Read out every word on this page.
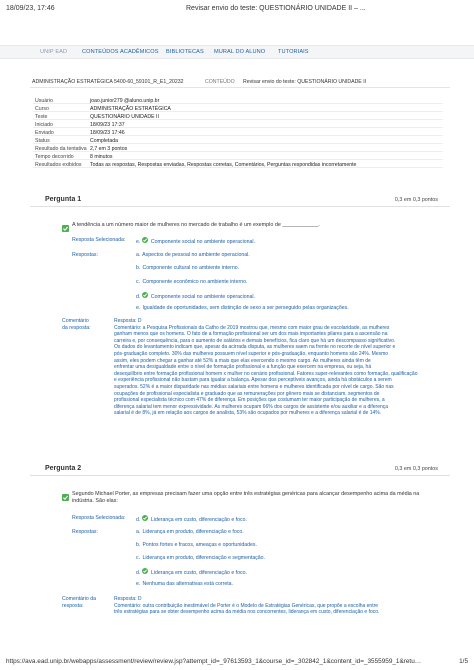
18/09/23, 17:46	Revisar envio do teste: QUESTIONÁRIO UNIDADE II – ...
UNIP EAD	CONTEÚDOS ACADÊMICOS BIBLIOTECAS MURAL DO ALUNO TUTORIAIS
ADMINISTRAÇÃO ESTRATÉGICA 5400-60_59101_R_E1_20232	CONTEÚDO Revisar envio do teste: QUESTIONÁRIO UNIDADE II
Usuário	joao.junior279 @aluno.unip.br
Curso	ADMINISTRAÇÃO ESTRATÉGICA
Teste	QUESTIONÁRIO UNIDADE II
Iniciado	18/09/23 17:37
Enviado	18/09/23 17:46
Status	Completada
Resultado da tentativa 2,7 em 3 pontos
Tempo decorrido	8 minutos
Resultados exibidos Todas as respostas, Respostas enviadas, Respostas corretas, Comentários, Perguntas respondidas incorretamente
Pergunta 1	0,3 em 0,3 pontos
A tendência a um número maior de mulheres no mercado de trabalho é um exemplo de ____________.
Resposta Selecionada: e. Componente social no ambiente operacional.
Respostas:	a. Aspectos de pessoal no ambiente operacional.
b. Componente cultural no ambiente interno.
c. Componente econômico no ambiente interno.
d. Componente social no ambiente operacional.
e. Igualdade de oportunidades, sem distinção de sexo a ser perseguido pelas organizações.
Comentário
da resposta:
Resposta: D
Comentário: a Pesquisa Profissionais da Catho de 2019 mostrou que, mesmo com maior grau de escolaridade, as mulheres
ganham menos que os homens. O fato de a formação profissional ser um dos mais importantes pilares para a ascensão na
carreira e, por consequência, para o aumento de salários e demais benefícios, fica claro que há um descompasso significativo.
Os dados do levantamento indicam que, apesar da acirrada disputa, as mulheres saem na frente no recorte de nível superior e
pós-graduação completo. 30% das mulheres possuem nível superior e pós-graduação, enquanto homens são 24%. Mesmo
assim, eles podem chegar a ganhar até 52% a mais que elas exercendo o mesmo cargo. As mulheres ainda têm de
enfrentar uma desigualdade entre o nível de formação profissional e a função que exercem na empresa, ou seja, há
desequilíbrio entre formação profissional homem x mulher no cenário profissional. Fatores super-relevantes como formação, qualificação
e experiência profissional não bastam para igualar a balança. Apesar dos perceptíveis avanços, ainda há obstáculos a serem
superados. 52% é a maior disparidade nas médias salariais entre homens e mulheres identificada por nível de cargo. São nas
ocupações de profissional especialista e graduado que as remunerações por gênero mais se distanciam, segmentos de
profissional especialista técnico com 47% de diferença. Em posições que costumam ter maior participação de mulheres, a
diferença salarial tem menor expressividade. As mulheres ocupam 66% dos cargos de assistente e/ou auxiliar e a diferença
salarial é de 8%, já em relação aos cargos de analista, 53% são ocupados por mulheres e a diferença salarial é de 14%.
Pergunta 2	0,3 em 0,3 pontos
Segundo Michael Porter, as empresas precisam fazer uma opção entre três estratégias genéricas para alcançar desempenho acima da média na
indústria. São elas:
Resposta Selecionada: d. Liderança em custo, diferenciação e foco.
Respostas:	a. Liderança em produto, diferenciação e foco.
b. Pontos fortes e fracos, ameaças e oportunidades.
c. Liderança em produto, diferenciação e segmentação.
d. Liderança em custo, diferenciação e foco.
e. Nenhuma das alternativas está correta.
Comentário da
resposta:
Resposta: D
Comentário: outra contribuição inestimável de Porter é o Modelo de Estratégias Genéricas, que propõe a escolha entre
três estratégias para se obter desempenho acima da média nos concorrentes, liderança em custo, diferenciação e foco.
https://ava.ead.unip.br/webapps/assessment/review/review.jsp?attempt_id=_97613593_1&course_id=_302842_1&content_id=_3555959_1&retu…	1/5
